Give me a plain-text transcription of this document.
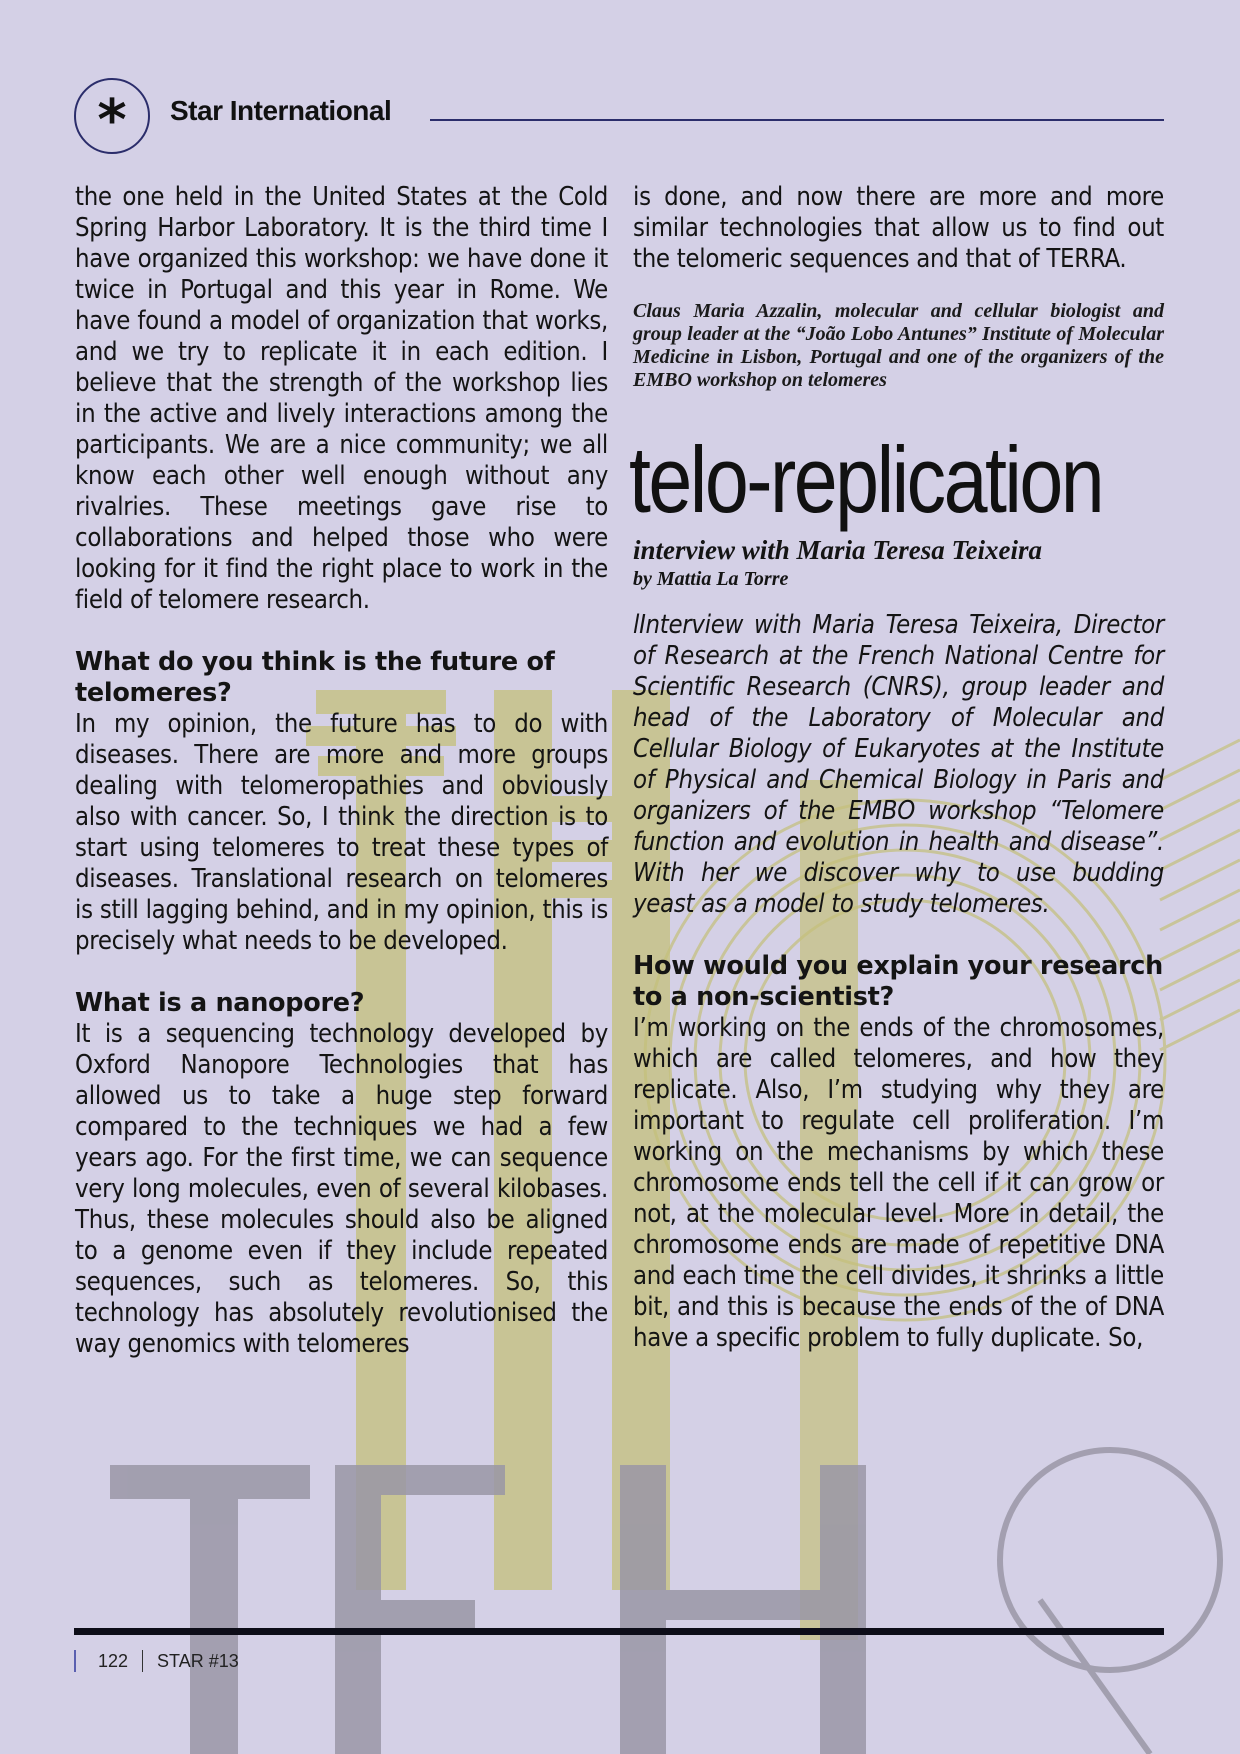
* Star International

the one held in the United States at the Cold Spring Harbor Laboratory. It is the third time I have organized this workshop: we have done it twice in Portugal and this year in Rome. We have found a model of organization that works, and we try to replicate it in each edition. I believe that the strength of the workshop lies in the active and lively interactions among the participants. We are a nice community; we all know each other well enough without any rivalries. These meetings gave rise to collaborations and helped those who were looking for it find the right place to work in the field of telomere research.

What do you think is the future of telomeres?

In my opinion, the future has to do with diseases. There are more and more groups dealing with telomeropathies and obviously also with cancer. So, I think the direction is to start using telomeres to treat these types of diseases. Translational research on telomeres is still lagging behind, and in my opinion, this is precisely what needs to be developed.

What is a nanopore?

It is a sequencing technology developed by Oxford Nanopore Technologies that has allowed us to take a huge step forward compared to the techniques we had a few years ago. For the first time, we can sequence very long molecules, even of several kilobases. Thus, these molecules should also be aligned to a genome even if they include repeated sequences, such as telomeres. So, this technology has absolutely revolutionised the way genomics with telomeres

is done, and now there are more and more similar technologies that allow us to find out the telomeric sequences and that of TERRA.

Claus Maria Azzalin, molecular and cellular biologist and group leader at the “João Lobo Antunes” Institute of Molecular Medicine in Lisbon, Portugal and one of the organizers of the EMBO workshop on telomeres

telo-replication

interview with Maria Teresa Teixeira

by Mattia La Torre

lInterview with Maria Teresa Teixeira, Director of Research at the French National Centre for Scientific Research (CNRS), group leader and head of the Laboratory of Molecular and Cellular Biology of Eukaryotes at the Institute of Physical and Chemical Biology in Paris and organizers of the EMBO workshop “Telomere function and evolution in health and disease”. With her we discover why to use budding yeast as a model to study telomeres.

How would you explain your research to a non-scientist?

I’m working on the ends of the chromosomes, which are called telomeres, and how they replicate. Also, I’m studying why they are important to regulate cell proliferation. I’m working on the mechanisms by which these chromosome ends tell the cell if it can grow or not, at the molecular level. More in detail, the chromosome ends are made of repetitive DNA and each time the cell divides, it shrinks a little bit, and this is because the ends of the of DNA have a specific problem to fully duplicate. So,

122 STAR #13
